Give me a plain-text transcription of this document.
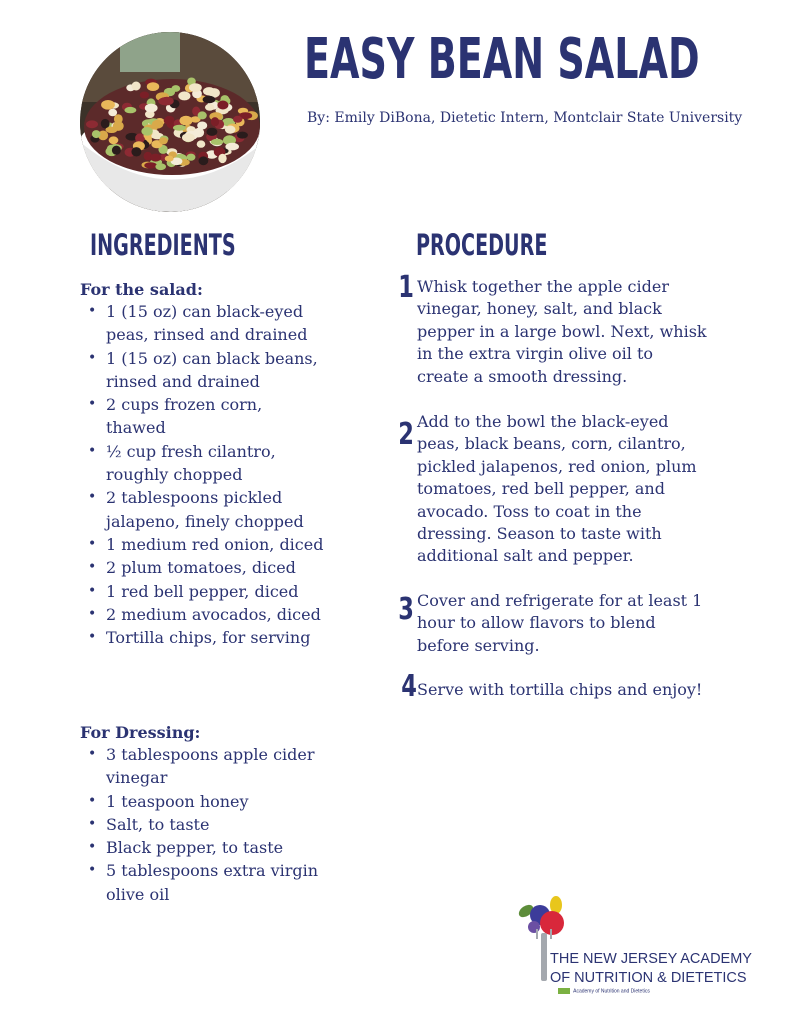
EASY BEAN SALAD

By: Emily DiBona, Dietetic Intern, Montclair State University

INGREDIENTS	PROCEDURE

For the salad:

• 1 (15 oz) can black-eyed peas, rinsed and drained
• 1 (15 oz) can black beans, rinsed and drained
• 2 cups frozen corn, thawed
• ½ cup fresh cilantro, roughly chopped
• 2 tablespoons pickled jalapeno, finely chopped
• 1 medium red onion, diced
• 2 plum tomatoes, diced
• 1 red bell pepper, diced
• 2 medium avocados, diced
• Tortilla chips, for serving

For Dressing:

• 3 tablespoons apple cider vinegar
• 1 teaspoon honey
• Salt, to taste
• Black pepper, to taste
• 5 tablespoons extra virgin olive oil
1 Whisk together the apple cider vinegar, honey, salt, and black pepper in a large bowl. Next, whisk in the extra virgin olive oil to create a smooth dressing.

2 Add to the bowl the black-eyed peas, black beans, corn, cilantro, pickled jalapenos, red onion, plum tomatoes, red bell pepper, and avocado. Toss to coat in the dressing. Season to taste with additional salt and pepper.

3 Cover and refrigerate for at least 1 hour to allow flavors to blend before serving.

4 Serve with tortilla chips and enjoy!

THE NEW JERSEY ACADEMY

OF NUTRITION & DIETETICS

Academy of Nutrition and Dietetics
